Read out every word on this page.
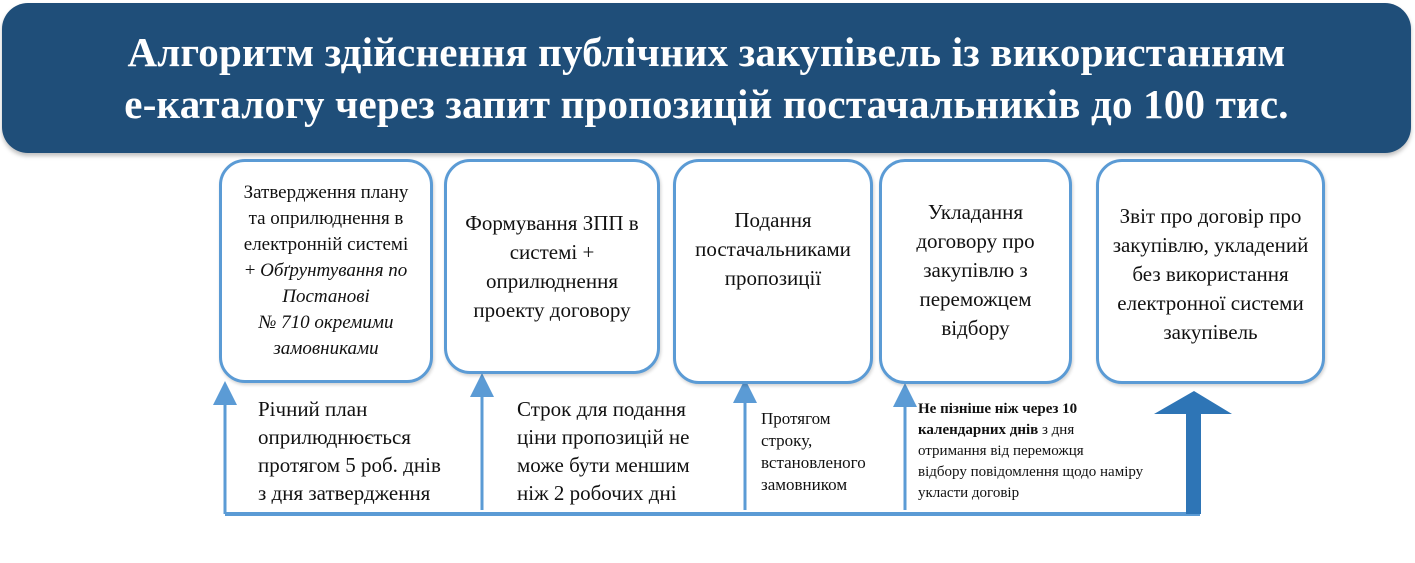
Алгоритм здійснення публічних закупівель із використанням
е-каталогу через запит пропозицій постачальників до 100 тис.
Затвердження плану
та оприлюднення в
електронній системі
+ Обґрунтування по
Постанові
№ 710 окремими
замовниками
Формування ЗПП в
системі +
оприлюднення
проекту договору
Подання
постачальниками
пропозиції
Укладання
договору про
закупівлю з
переможцем
відбору
Звіт про договір про
закупівлю, укладений
без використання
електронної системи
закупівель
Річний план
оприлюднюється
протягом 5 роб. днів
з дня затвердження
Строк для подання
ціни пропозицій не
може бути меншим
ніж 2 робочих дні
Протягом
строку,
встановленого
замовником
Не пізніше ніж через 10
календарних днів з дня
отримання від переможця
відбору повідомлення щодо наміру
укласти договір
